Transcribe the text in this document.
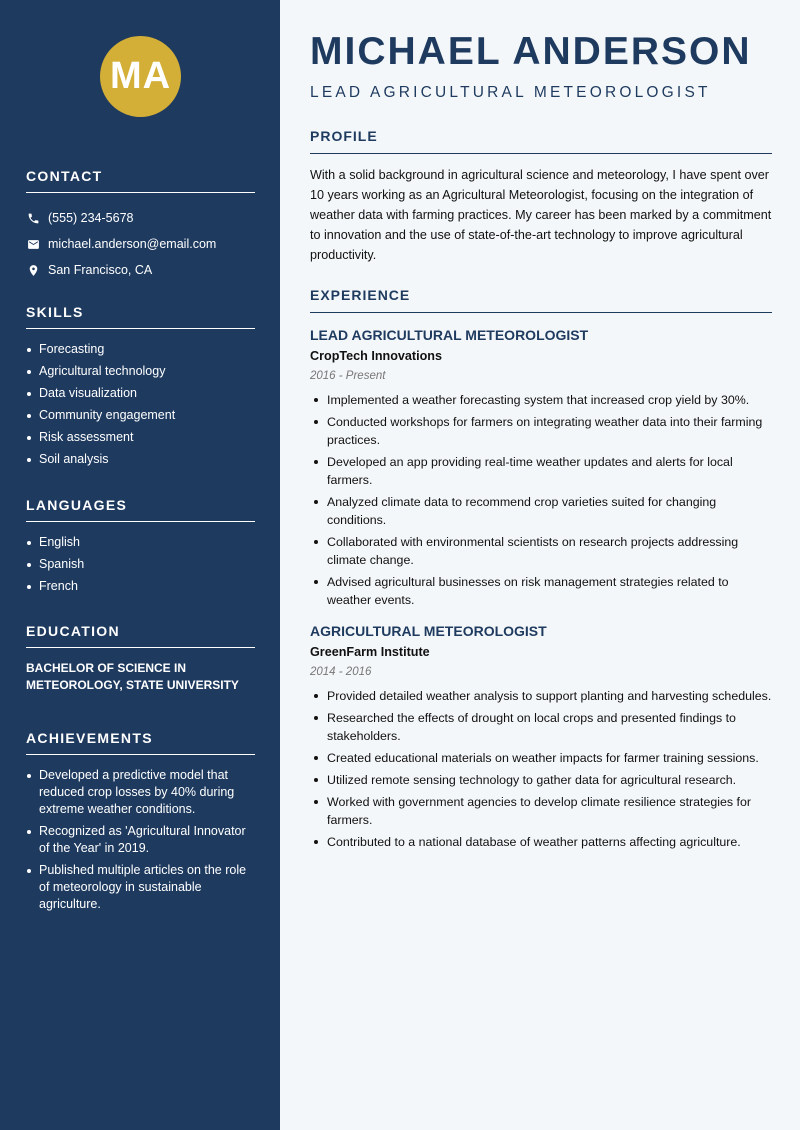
MA
CONTACT
(555) 234-5678
michael.anderson@email.com
San Francisco, CA
SKILLS
Forecasting
Agricultural technology
Data visualization
Community engagement
Risk assessment
Soil analysis
LANGUAGES
English
Spanish
French
EDUCATION
BACHELOR OF SCIENCE IN METEOROLOGY, STATE UNIVERSITY
ACHIEVEMENTS
Developed a predictive model that reduced crop losses by 40% during extreme weather conditions.
Recognized as 'Agricultural Innovator of the Year' in 2019.
Published multiple articles on the role of meteorology in sustainable agriculture.
MICHAEL ANDERSON
LEAD AGRICULTURAL METEOROLOGIST
PROFILE

With a solid background in agricultural science and meteorology, I have spent over 10 years working as an Agricultural Meteorologist, focusing on the integration of weather data with farming practices. My career has been marked by a commitment to innovation and the use of state-of-the-art technology to improve agricultural productivity.

EXPERIENCE
LEAD AGRICULTURAL METEOROLOGIST
CropTech Innovations
2016 - Present
Implemented a weather forecasting system that increased crop yield by 30%.
Conducted workshops for farmers on integrating weather data into their farming practices.
Developed an app providing real-time weather updates and alerts for local farmers.
Analyzed climate data to recommend crop varieties suited for changing conditions.
Collaborated with environmental scientists on research projects addressing climate change.
Advised agricultural businesses on risk management strategies related to weather events.
AGRICULTURAL METEOROLOGIST
GreenFarm Institute
2014 - 2016
Provided detailed weather analysis to support planting and harvesting schedules.
Researched the effects of drought on local crops and presented findings to stakeholders.
Created educational materials on weather impacts for farmer training sessions.
Utilized remote sensing technology to gather data for agricultural research.
Worked with government agencies to develop climate resilience strategies for farmers.
Contributed to a national database of weather patterns affecting agriculture.
